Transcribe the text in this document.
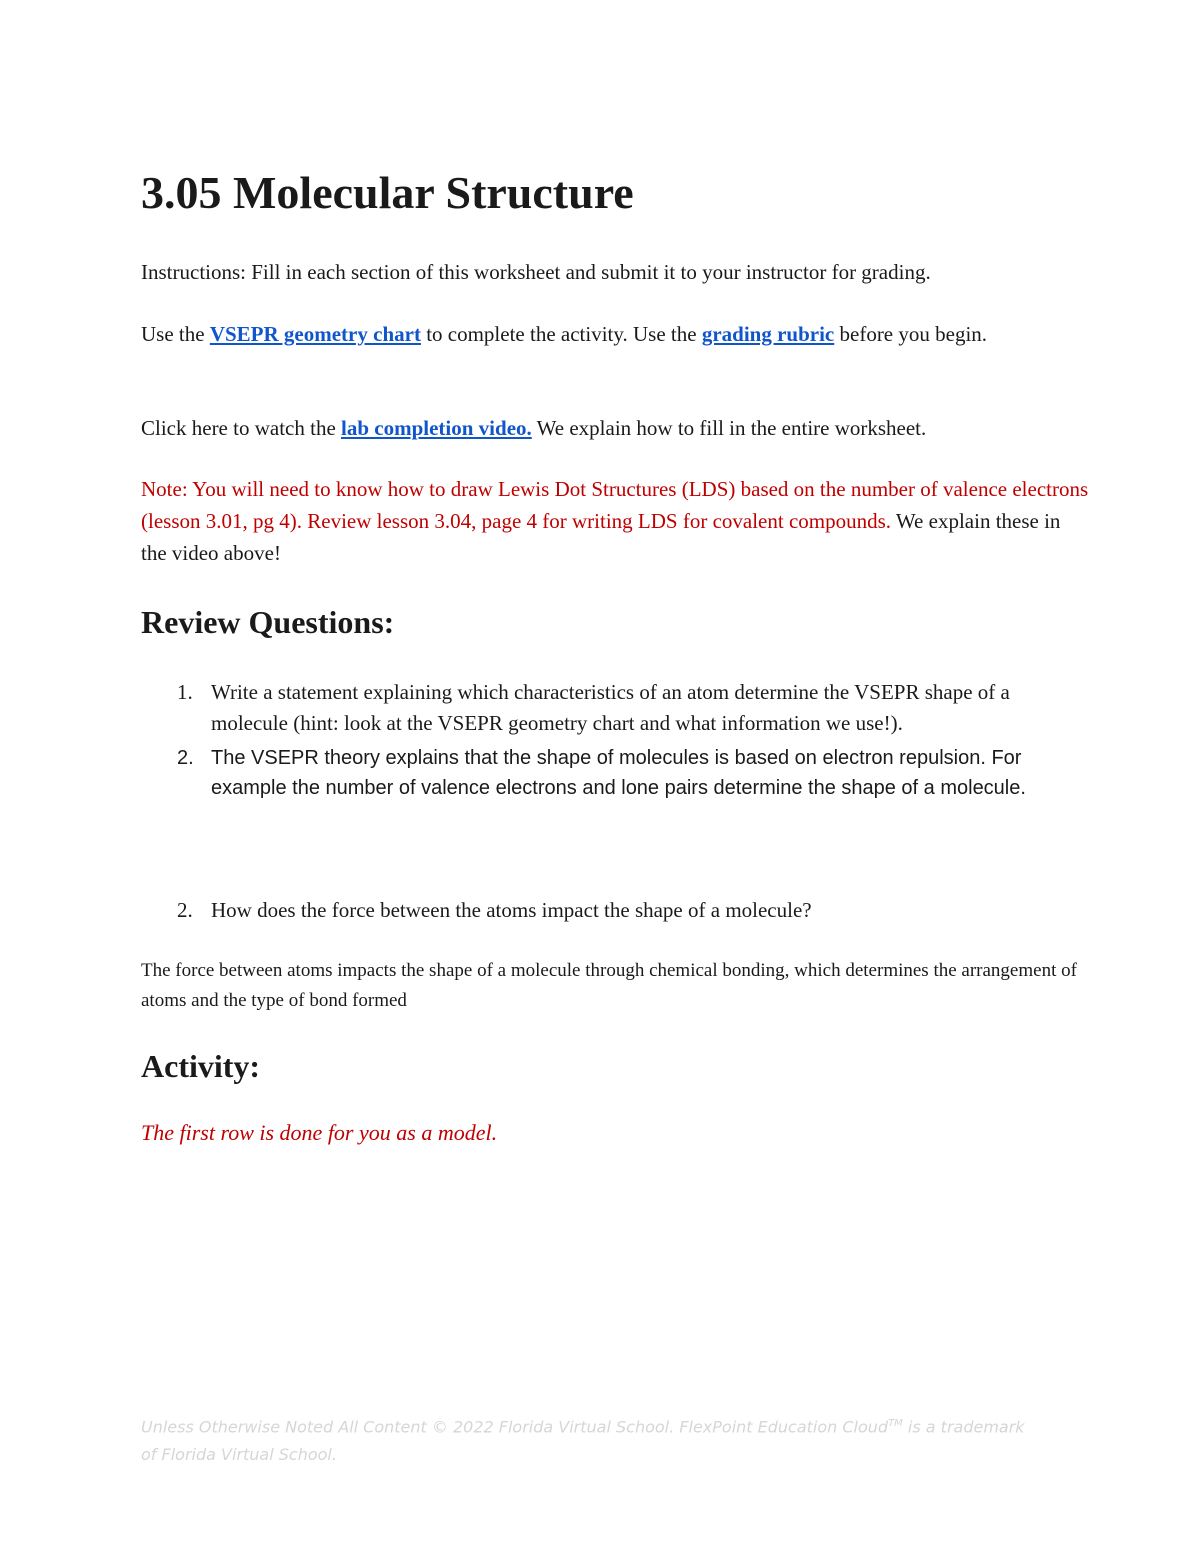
3.05 Molecular Structure

Instructions: Fill in each section of this worksheet and submit it to your instructor for grading.

Use the VSEPR geometry chart to complete the activity. Use the grading rubric before you begin.

Click here to watch the lab completion video. We explain how to fill in the entire worksheet.

Note: You will need to know how to draw Lewis Dot Structures (LDS) based on the number of valence electrons (lesson 3.01, pg 4). Review lesson 3.04, page 4 for writing LDS for covalent compounds. We explain these in the video above!

Review Questions:
1. Write a statement explaining which characteristics of an atom determine the VSEPR shape of a molecule (hint: look at the VSEPR geometry chart and what information we use!).
2. The VSEPR theory explains that the shape of molecules is based on electron repulsion. For example the number of valence electrons and lone pairs determine the shape of a molecule.
2. How does the force between the atoms impact the shape of a molecule?

The force between atoms impacts the shape of a molecule through chemical bonding, which determines the arrangement of atoms and the type of bond formed

Activity:

The first row is done for you as a model.

Unless Otherwise Noted All Content © 2022 Florida Virtual School. FlexPoint Education Cloud™ is a trademark of Florida Virtual School.
